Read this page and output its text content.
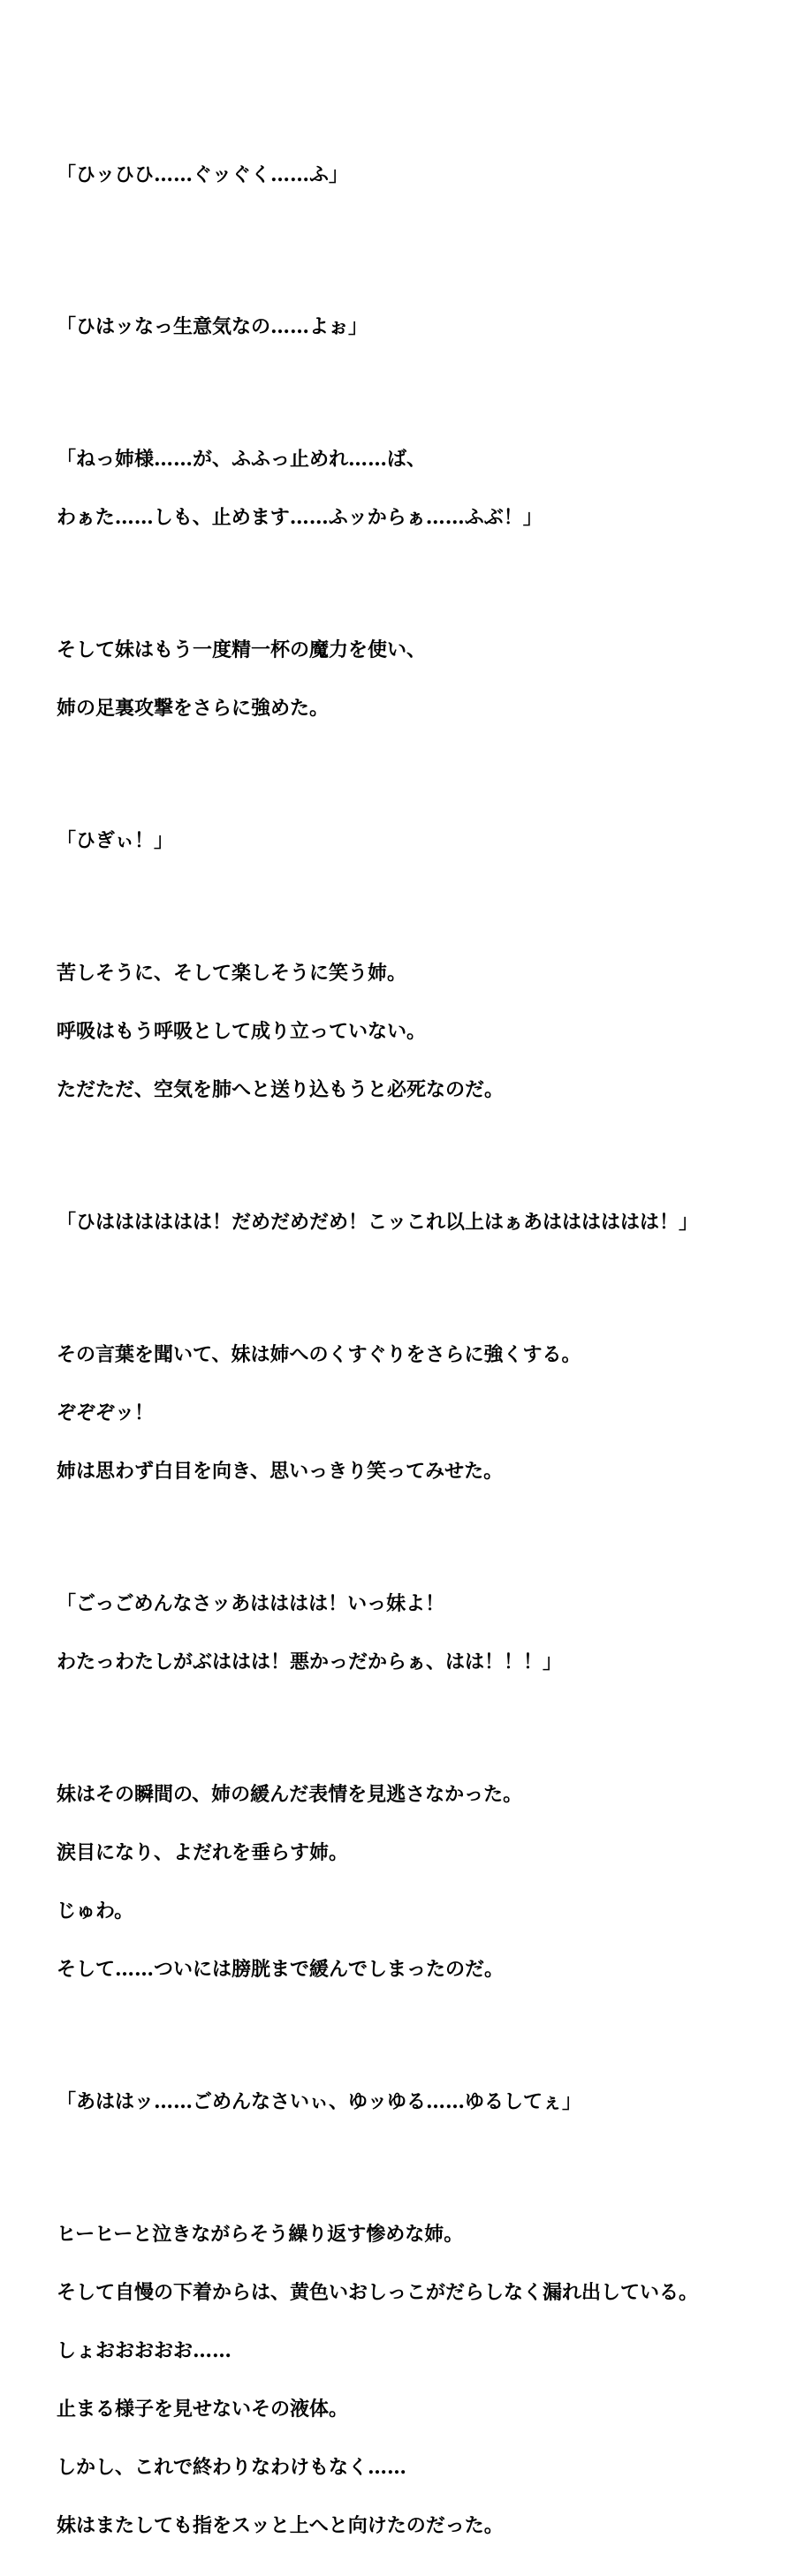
「ひッひひ……ぐッぐく……ふ」

「ひはッなっ生意気なの……よぉ」

「ねっ姉様……が、ふふっ止めれ……ば、

わぁた……しも、止めます……ふッからぁ……ふぶ！」

そして妹はもう一度精一杯の魔力を使い、

姉の足裏攻撃をさらに強めた。

「ひぎぃ！」

苦しそうに、そして楽しそうに笑う姉。

呼吸はもう呼吸として成り立っていない。

ただただ、空気を肺へと送り込もうと必死なのだ。

「ひはははははは！だめだめだめ！こッこれ以上はぁあはははははは！」

その言葉を聞いて、妹は姉へのくすぐりをさらに強くする。

ぞぞぞッ！

姉は思わず白目を向き、思いっきり笑ってみせた。

「ごっごめんなさッあはははは！いっ妹よ！

わたっわたしがぶははは！悪かっだからぁ、はは！！！」

妹はその瞬間の、姉の緩んだ表情を見逃さなかった。

涙目になり、よだれを垂らす姉。

じゅわ。

そして……ついには膀胱まで緩んでしまったのだ。

「あははッ……ごめんなさいぃ、ゆッゆる……ゆるしてぇ」

ヒーヒーと泣きながらそう繰り返す惨めな姉。

そして自慢の下着からは、黄色いおしっこがだらしなく漏れ出している。

しょおおおおお……

止まる様子を見せないその液体。

しかし、これで終わりなわけもなく……

妹はまたしても指をスッと上へと向けたのだった。
